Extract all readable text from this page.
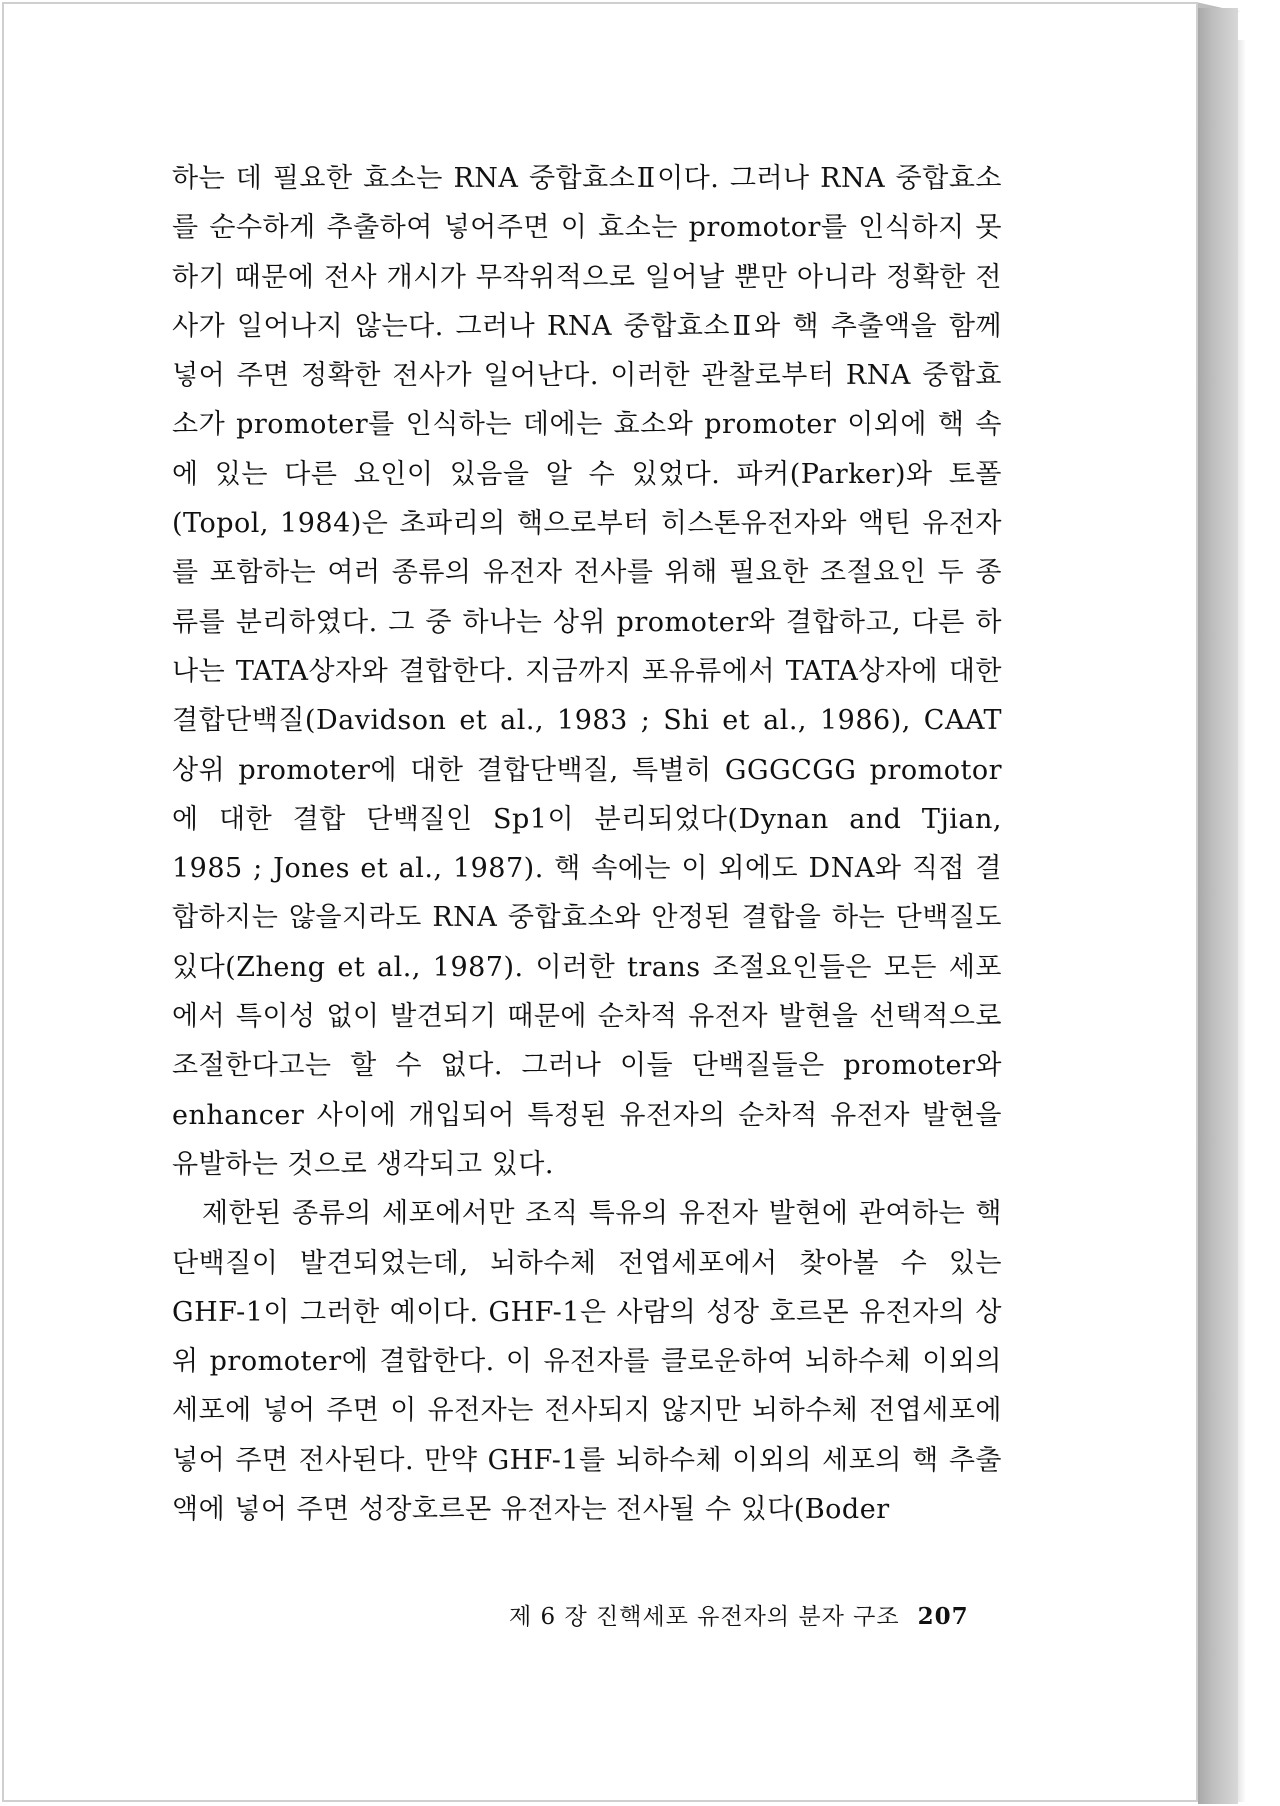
하는 데 필요한 효소는 RNA 중합효소Ⅱ이다. 그러나 RNA 중합효소를 순수하게 추출하여 넣어주면 이 효소는 promotor를 인식하지 못하기 때문에 전사 개시가 무작위적으로 일어날 뿐만 아니라 정확한 전사가 일어나지 않는다. 그러나 RNA 중합효소Ⅱ와 핵 추출액을 함께 넣어 주면 정확한 전사가 일어난다. 이러한 관찰로부터 RNA 중합효소가 promoter를 인식하는 데에는 효소와 promoter 이외에 핵 속에 있는 다른 요인이 있음을 알 수 있었다. 파커(Parker)와 토폴(Topol, 1984)은 초파리의 핵으로부터 히스톤유전자와 액틴 유전자를 포함하는 여러 종류의 유전자 전사를 위해 필요한 조절요인 두 종류를 분리하였다. 그 중 하나는 상위 promoter와 결합하고, 다른 하나는 TATA상자와 결합한다. 지금까지 포유류에서 TATA상자에 대한 결합단백질(Davidson et al., 1983 ; Shi et al., 1986), CAAT 상위 promoter에 대한 결합단백질, 특별히 GGGCGG promotor에 대한 결합 단백질인 Sp1이 분리되었다(Dynan and Tjian, 1985 ; Jones et al., 1987). 핵 속에는 이 외에도 DNA와 직접 결합하지는 않을지라도 RNA 중합효소와 안정된 결합을 하는 단백질도 있다(Zheng et al., 1987). 이러한 trans 조절요인들은 모든 세포에서 특이성 없이 발견되기 때문에 순차적 유전자 발현을 선택적으로 조절한다고는 할 수 없다. 그러나 이들 단백질들은 promoter와 enhancer 사이에 개입되어 특정된 유전자의 순차적 유전자 발현을 유발하는 것으로 생각되고 있다.

제한된 종류의 세포에서만 조직 특유의 유전자 발현에 관여하는 핵 단백질이 발견되었는데, 뇌하수체 전엽세포에서 찾아볼 수 있는 GHF-1이 그러한 예이다. GHF-1은 사람의 성장 호르몬 유전자의 상위 promoter에 결합한다. 이 유전자를 클로운하여 뇌하수체 이외의 세포에 넣어 주면 이 유전자는 전사되지 않지만 뇌하수체 전엽세포에 넣어 주면 전사된다. 만약 GHF-1를 뇌하수체 이외의 세포의 핵 추출액에 넣어 주면 성장호르몬 유전자는 전사될 수 있다(Boder

제 6 장 진핵세포 유전자의 분자 구조 207
